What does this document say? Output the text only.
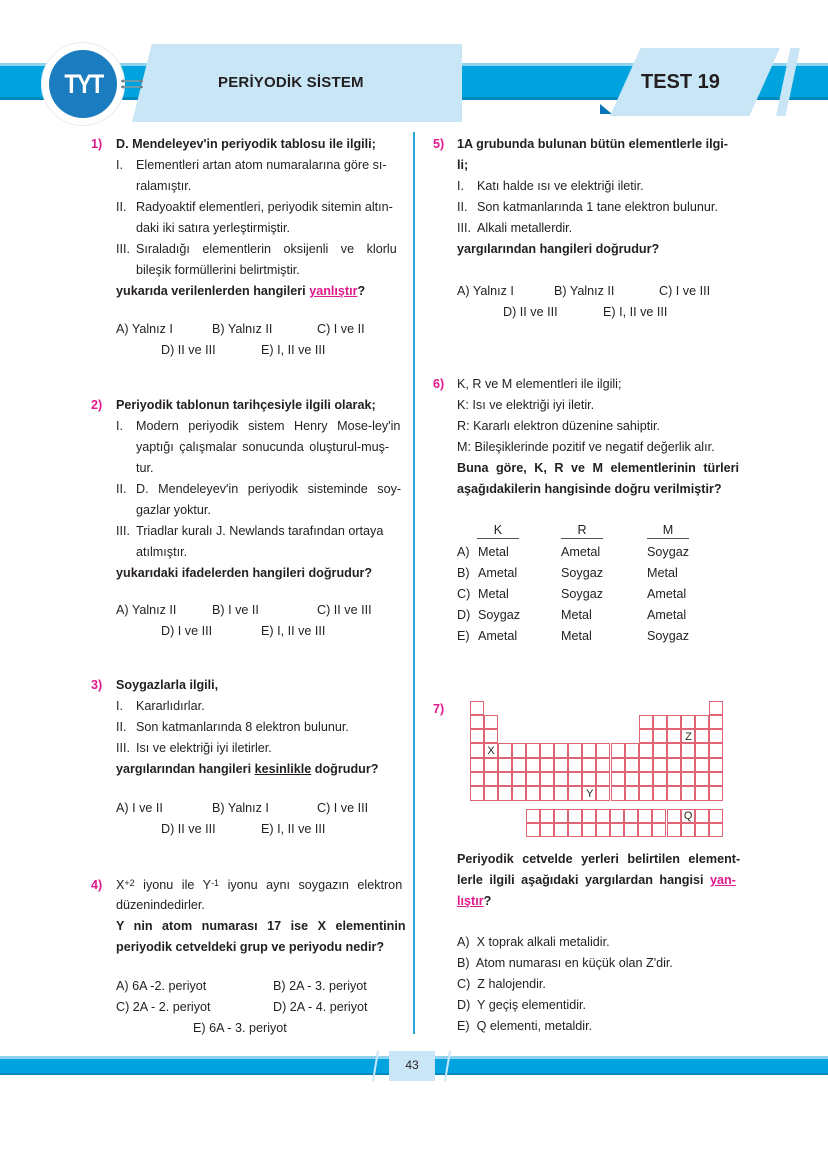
TYT	PERİYODİK SİSTEM	TEST 19
1) D. Mendeleyev'in periyodik tablosu ile ilgili;
I. Elementleri artan atom numaralarına göre sı-
ralamıştır.
II. Radyoaktif elementleri, periyodik sitemin altın-
daki iki satıra yerleştirmiştir.
III. Sıraladığı elementlerin oksijenli ve klorlu
bileşik formüllerini belirtmiştir.
yukarıda verilenlerden hangileri yanlıştır?
A) Yalnız I	B) Yalnız II	C) I ve II
D) II ve III	E) I, II ve III
2) Periyodik tablonun tarihçesiyle ilgili olarak;
I. Modern periyodik sistem Henry Mose-ley'in
yaptığı çalışmalar sonucunda oluşturul-muş-
tur.
II. D. Mendeleyev'in periyodik sisteminde soy-
gazlar yoktur.
III. Triadlar kuralı J. Newlands tarafından ortaya
atılmıştır.
yukarıdaki ifadelerden hangileri doğrudur?
A) Yalnız II	B) I ve II	C) II ve III
D) I ve III	E) I, II ve III
3) Soygazlarla ilgili,
I. Kararlıdırlar.
II. Son katmanlarında 8 elektron bulunur.
III. Isı ve elektriği iyi iletirler.
yargılarından hangileri kesinlikle doğrudur?
A) I ve II	B) Yalnız I	C) I ve III
D) II ve III	E) I, II ve III
4) $X^{+2}$ iyonu ile $Y^{-1}$ iyonu aynı soygazın elektron
düzenindedirler.
Y nin atom numarası 17 ise X elementinin
periyodik cetveldeki grup ve periyodu nedir?
A) 6A -2. periyot	B) 2A - 3. periyot
C) 2A - 2. periyot	D) 2A - 4. periyot
E) 6A - 3. periyot
5) 1A grubunda bulunan bütün elementlerle ilgi-
li;
I. Katı halde ısı ve elektriği iletir.
II. Son katmanlarında 1 tane elektron bulunur.
III. Alkali metallerdir.
yargılarından hangileri doğrudur?
A) Yalnız I	B) Yalnız II	C) I ve III
D) II ve III	E) I, II ve III
6) K, R ve M elementleri ile ilgili;
K: Isı ve elektriği iyi iletir.
R: Kararlı elektron düzenine sahiptir.
M: Bileşiklerinde pozitif ve negatif değerlik alır.
Buna göre, K, R ve M elementlerinin türleri
aşağıdakilerin hangisinde doğru verilmiştir?
K	R	M
A) Metal	Ametal	Soygaz
B) Ametal	Soygaz	Metal
C) Metal	Soygaz	Ametal
D) Soygaz	Metal	Ametal
E) Ametal	Metal	Soygaz
7)
X
Z
Y
Q
Periyodik cetvelde yerleri belirtilen element-
lerle ilgili aşağıdaki yargılardan hangisi yan-
lıştır?
A)  X toprak alkali metalidir.
B)  Atom numarası en küçük olan Z'dir.
C)  Z halojendir.
D)  Y geçiş elementidir.
E)  Q elementi, metaldir.
43
